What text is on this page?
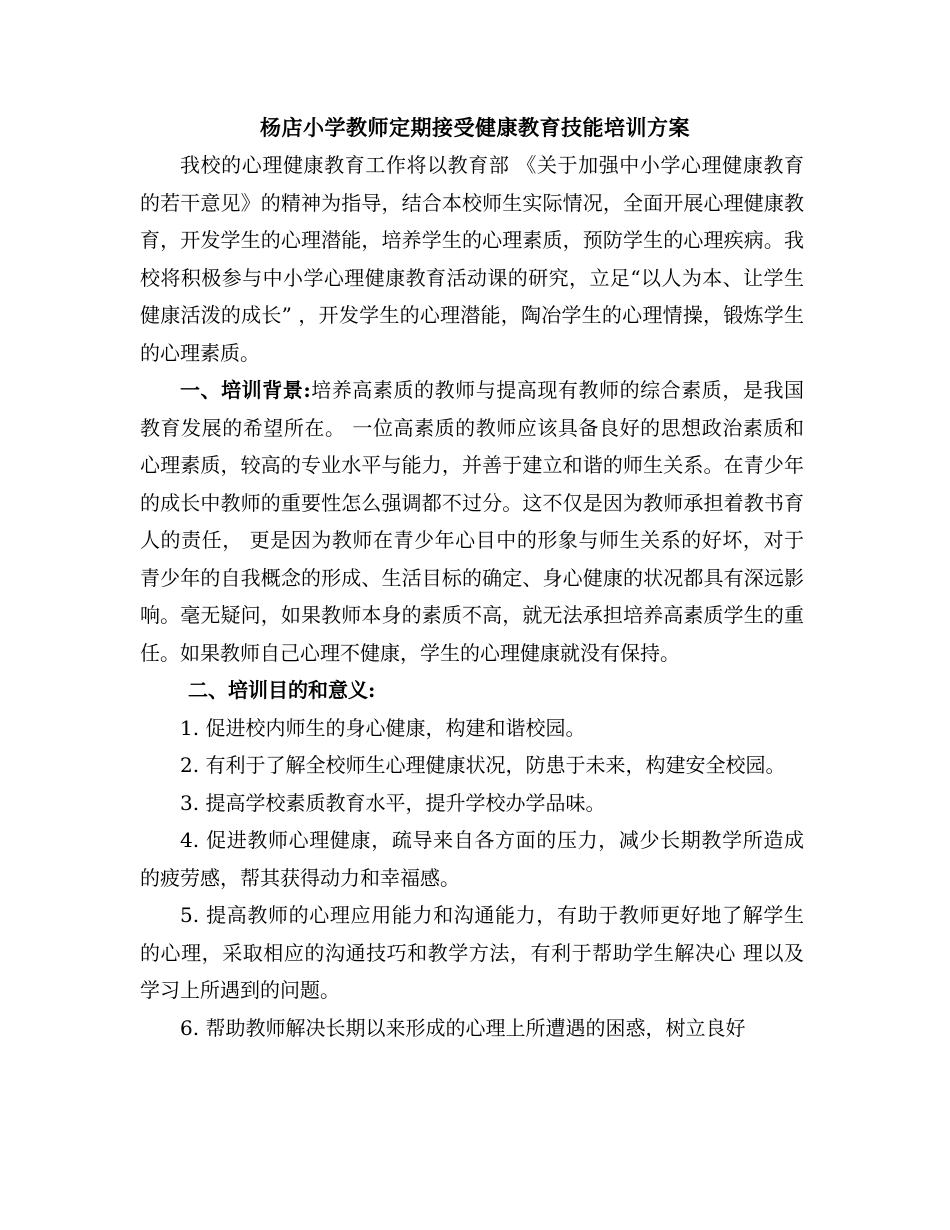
杨店小学教师定期接受健康教育技能培训方案

我校的心理健康教育工作将以教育部 《关于加强中小学心理健康教育的若干意见》的精神为指导，结合本校师生实际情况，全面开展心理健康教育，开发学生的心理潜能，培养学生的心理素质，预防学生的心理疾病。我校将积极参与中小学心理健康教育活动课的研究，立足“以人为本、让学生健康活泼的成长” ，开发学生的心理潜能，陶冶学生的心理情操，锻炼学生的心理素质。

一、培训背景:培养高素质的教师与提高现有教师的综合素质，是我国教育发展的希望所在。 一位高素质的教师应该具备良好的思想政治素质和心理素质，较高的专业水平与能力，并善于建立和谐的师生关系。在青少年的成长中教师的重要性怎么强调都不过分。这不仅是因为教师承担着教书育人的责任， 更是因为教师在青少年心目中的形象与师生关系的好坏，对于青少年的自我概念的形成、生活目标的确定、身心健康的状况都具有深远影响。毫无疑问，如果教师本身的素质不高，就无法承担培养高素质学生的重任。如果教师自己心理不健康，学生的心理健康就没有保持。

二、培训目的和意义:

1. 促进校内师生的身心健康，构建和谐校园。

2. 有利于了解全校师生心理健康状况，防患于未来，构建安全校园。

3. 提高学校素质教育水平，提升学校办学品味。

4. 促进教师心理健康，疏导来自各方面的压力，减少长期教学所造成的疲劳感，帮其获得动力和幸福感。

5. 提高教师的心理应用能力和沟通能力，有助于教师更好地了解学生的心理，采取相应的沟通技巧和教学方法，有利于帮助学生解决心 理以及学习上所遇到的问题。

6. 帮助教师解决长期以来形成的心理上所遭遇的困惑，树立良好
